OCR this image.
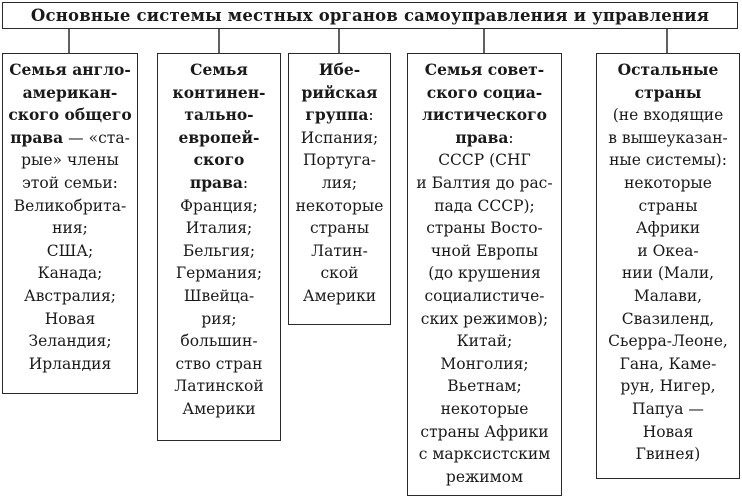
Основные системы местных органов самоуправления и управления
Семья англо-
американ-
ского общего
права — «ста-
рые» члены
этой семьи:
Великобрита-
ния;
США;
Канада;
Австралия;
Новая
Зеландия;
Ирландия
Семья
континен-
тально-
европей-
ского
права:
Франция;
Италия;
Бельгия;
Германия;
Швейца-
рия;
большин-
ство стран
Латинской
Америки
Ибе-
рийская
группа:
Испания;
Португа-
лия;
некоторые
страны
Латин-
ской
Америки
Семья совет-
ского социа-
листического
права:
СССР (СНГ
и Балтия до рас-
пада СССР);
страны Восто-
чной Европы
(до крушения
социалистиче-
ских режимов);
Китай;
Монголия;
Вьетнам;
некоторые
страны Африки
с марксистским
режимом
Остальные
страны
(не входящие
в вышеуказан-
ные системы):
некоторые
страны
Африки
и Океа-
нии (Мали,
Малави,
Свазиленд,
Сьерра-Леоне,
Гана, Каме-
рун, Нигер,
Папуа —
Новая
Гвинея)
